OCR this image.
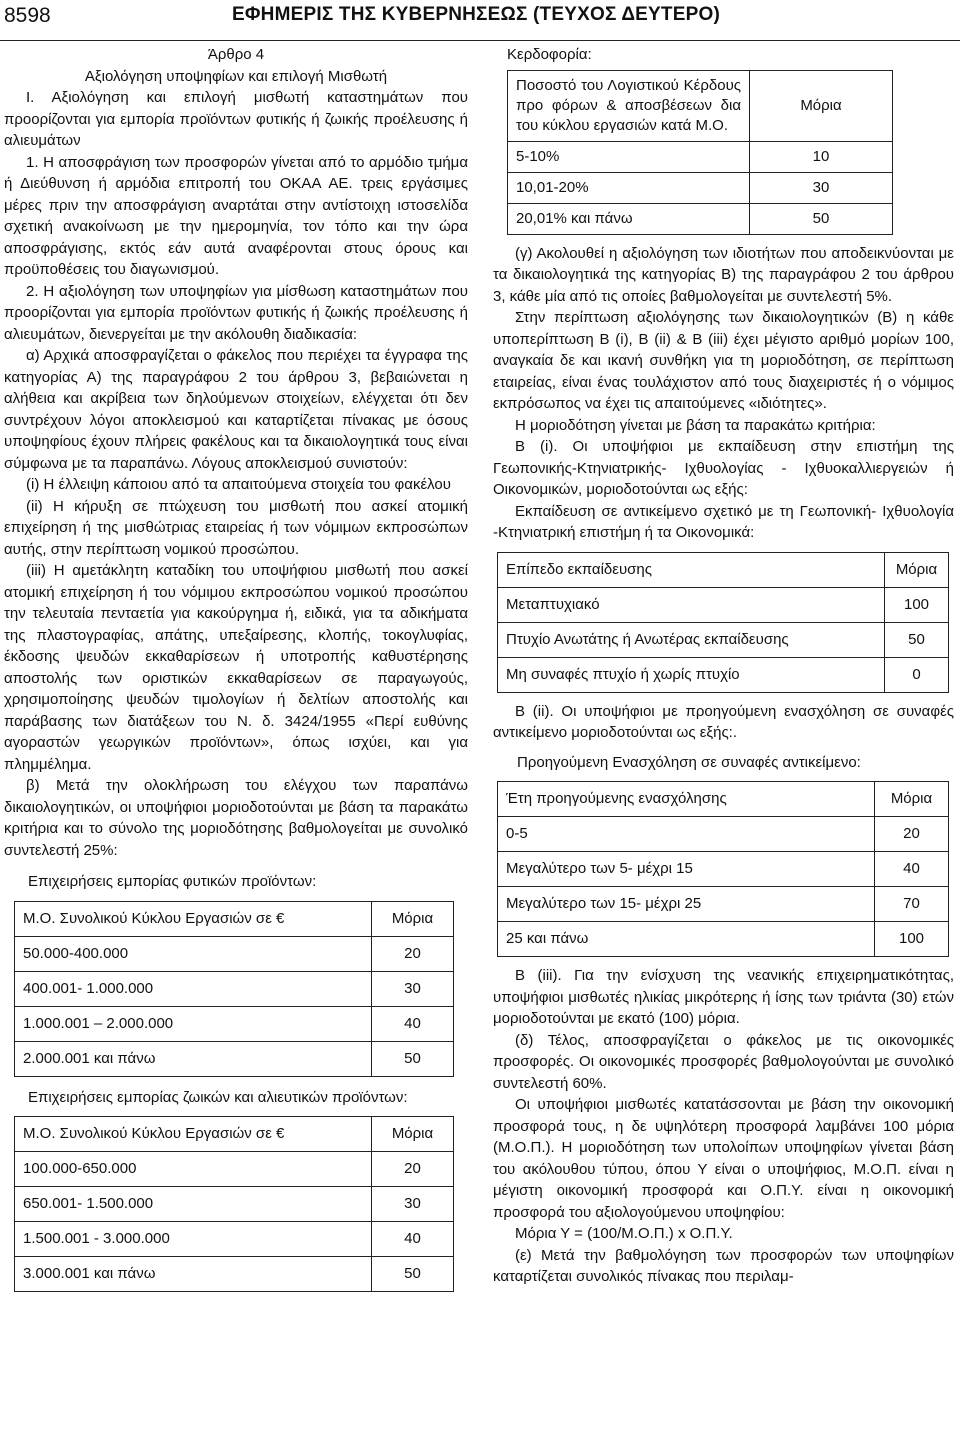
8598	ΕΦΗΜΕΡΙΣ ΤΗΣ ΚΥΒΕΡΝΗΣΕΩΣ (ΤΕΥΧΟΣ ΔΕΥΤΕΡΟ)

Άρθρο 4

Αξιολόγηση υποψηφίων και επιλογή Μισθωτή

Ι. Αξιολόγηση και επιλογή μισθωτή καταστημάτων που προορίζονται για εμπορία προϊόντων φυτικής ή ζωικής προέλευσης ή αλιευμάτων

1. Η αποσφράγιση των προσφορών γίνεται από το αρμόδιο τμήμα ή Διεύθυνση ή αρμόδια επιτροπή του ΟΚΑΑ ΑΕ. τρεις εργάσιμες μέρες πριν την αποσφράγιση αναρτάται στην αντίστοιχη ιστοσελίδα σχετική ανακοίνωση με την ημερομηνία, τον τόπο και την ώρα αποσφράγισης, εκτός εάν αυτά αναφέρονται στους όρους και προϋποθέσεις του διαγωνισμού.

2. Η αξιολόγηση των υποψηφίων για μίσθωση καταστημάτων που προορίζονται για εμπορία προϊόντων φυτικής ή ζωικής προέλευσης ή αλιευμάτων, διενεργείται με την ακόλουθη διαδικασία:

α) Αρχικά αποσφραγίζεται ο φάκελος που περιέχει τα έγγραφα της κατηγορίας Α) της παραγράφου 2 του άρθρου 3, βεβαιώνεται η αλήθεια και ακρίβεια των δηλούμενων στοιχείων, ελέγχεται ότι δεν συντρέχουν λόγοι αποκλεισμού και καταρτίζεται πίνακας με όσους υποψηφίους έχουν πλήρεις φακέλους και τα δικαιολογητικά τους είναι σύμφωνα με τα παραπάνω. Λόγους αποκλεισμού συνιστούν:

(i) Η έλλειψη κάποιου από τα απαιτούμενα στοιχεία του φακέλου

(ii) Η κήρυξη σε πτώχευση του μισθωτή που ασκεί ατομική επιχείρηση ή της μισθώτριας εταιρείας ή των νόμιμων εκπροσώπων αυτής, στην περίπτωση νομικού προσώπου.

(iii) Η αμετάκλητη καταδίκη του υποψήφιου μισθωτή που ασκεί ατομική επιχείρηση ή του νόμιμου εκπροσώπου νομικού προσώπου την τελευταία πενταετία για κακούργημα ή, ειδικά, για τα αδικήματα της πλαστογραφίας, απάτης, υπεξαίρεσης, κλοπής, τοκογλυφίας, έκδοσης ψευδών εκκαθαρίσεων ή υποτροπής καθυστέρησης αποστολής των οριστικών εκκαθαρίσεων σε παραγωγούς, χρησιμοποίησης ψευδών τιμολογίων ή δελτίων αποστολής και παράβασης των διατάξεων του Ν. δ. 3424/1955 «Περί ευθύνης αγοραστών γεωργικών προϊόντων», όπως ισχύει, και για πλημμέλημα.

β) Μετά την ολοκλήρωση του ελέγχου των παραπάνω δικαιολογητικών, οι υποψήφιοι μοριοδοτούνται με βάση τα παρακάτω κριτήρια και το σύνολο της μοριοδότησης βαθμολογείται με συνολικό συντελεστή 25%:

Επιχειρήσεις εμπορίας φυτικών προϊόντων:

Μ.Ο. Συνολικού Κύκλου Εργασιών σε €	Μόρια
50.000-400.000	20
400.001- 1.000.000	30
1.000.001 – 2.000.000	40
2.000.001 και πάνω	50

Επιχειρήσεις εμπορίας ζωικών και αλιευτικών προϊόντων:

Μ.Ο. Συνολικού Κύκλου Εργασιών σε €	Μόρια
100.000-650.000	20
650.001- 1.500.000	30
1.500.001 - 3.000.000	40
3.000.001 και πάνω	50

Κερδοφορία:

Ποσοστό του Λογιστικού Κέρδους προ φόρων & αποσβέσεων δια του κύκλου εργασιών κατά Μ.Ο.	Μόρια
5-10%	10
10,01-20%	30
20,01% και πάνω	50

(γ) Ακολουθεί η αξιολόγηση των ιδιοτήτων που αποδεικνύονται με τα δικαιολογητικά της κατηγορίας Β) της παραγράφου 2 του άρθρου 3, κάθε μία από τις οποίες βαθμολογείται με συντελεστή 5%.

Στην περίπτωση αξιολόγησης των δικαιολογητικών (Β) η κάθε υποπερίπτωση Β (i), Β (ii) & Β (iii) έχει μέγιστο αριθμό μορίων 100, αναγκαία δε και ικανή συνθήκη για τη μοριοδότηση, σε περίπτωση εταιρείας, είναι ένας τουλάχιστον από τους διαχειριστές ή ο νόμιμος εκπρόσωπος να έχει τις απαιτούμενες «ιδιότητες».

Η μοριοδότηση γίνεται με βάση τα παρακάτω κριτήρια:

Β (i). Οι υποψήφιοι με εκπαίδευση στην επιστήμη της Γεωπονικής-Κτηνιατρικής- Ιχθυολογίας - Ιχθυοκαλλιεργειών ή Οικονομικών, μοριοδοτούνται ως εξής:

Εκπαίδευση σε αντικείμενο σχετικό με τη Γεωπονική- Ιχθυολογία -Κτηνιατρική επιστήμη ή τα Οικονομικά:

Επίπεδο εκπαίδευσης	Μόρια
Μεταπτυχιακό	100
Πτυχίο Ανωτάτης ή Ανωτέρας εκπαίδευσης	50
Μη συναφές πτυχίο ή χωρίς πτυχίο	0

Β (ii). Οι υποψήφιοι με προηγούμενη ενασχόληση σε συναφές αντικείμενο μοριοδοτούνται ως εξής:.

Προηγούμενη Ενασχόληση σε συναφές αντικείμενο:

Έτη προηγούμενης ενασχόλησης	Μόρια
0-5	20
Μεγαλύτερο των 5- μέχρι 15	40
Μεγαλύτερο των 15- μέχρι 25	70
25 και πάνω	100

Β (iii). Για την ενίσχυση της νεανικής επιχειρηματικότητας, υποψήφιοι μισθωτές ηλικίας μικρότερης ή ίσης των τριάντα (30) ετών μοριοδοτούνται με εκατό (100) μόρια.

(δ) Τέλος, αποσφραγίζεται ο φάκελος με τις οικονομικές προσφορές. Οι οικονομικές προσφορές βαθμολογούνται με συνολικό συντελεστή 60%.

Οι υποψήφιοι μισθωτές κατατάσσονται με βάση την οικονομική προσφορά τους, η δε υψηλότερη προσφορά λαμβάνει 100 μόρια (Μ.Ο.Π.). Η μοριοδότηση των υπολοίπων υποψηφίων γίνεται βάση του ακόλουθου τύπου, όπου Υ είναι ο υποψήφιος, Μ.Ο.Π. είναι η μέγιστη οικονομική προσφορά και Ο.Π.Υ. είναι η οικονομική προσφορά του αξιολογούμενου υποψηφίου:

Μόρια Υ = (100/Μ.Ο.Π.) x Ο.Π.Υ.

(ε) Μετά την βαθμολόγηση των προσφορών των υποψηφίων καταρτίζεται συνολικός πίνακας που περιλαμ-
